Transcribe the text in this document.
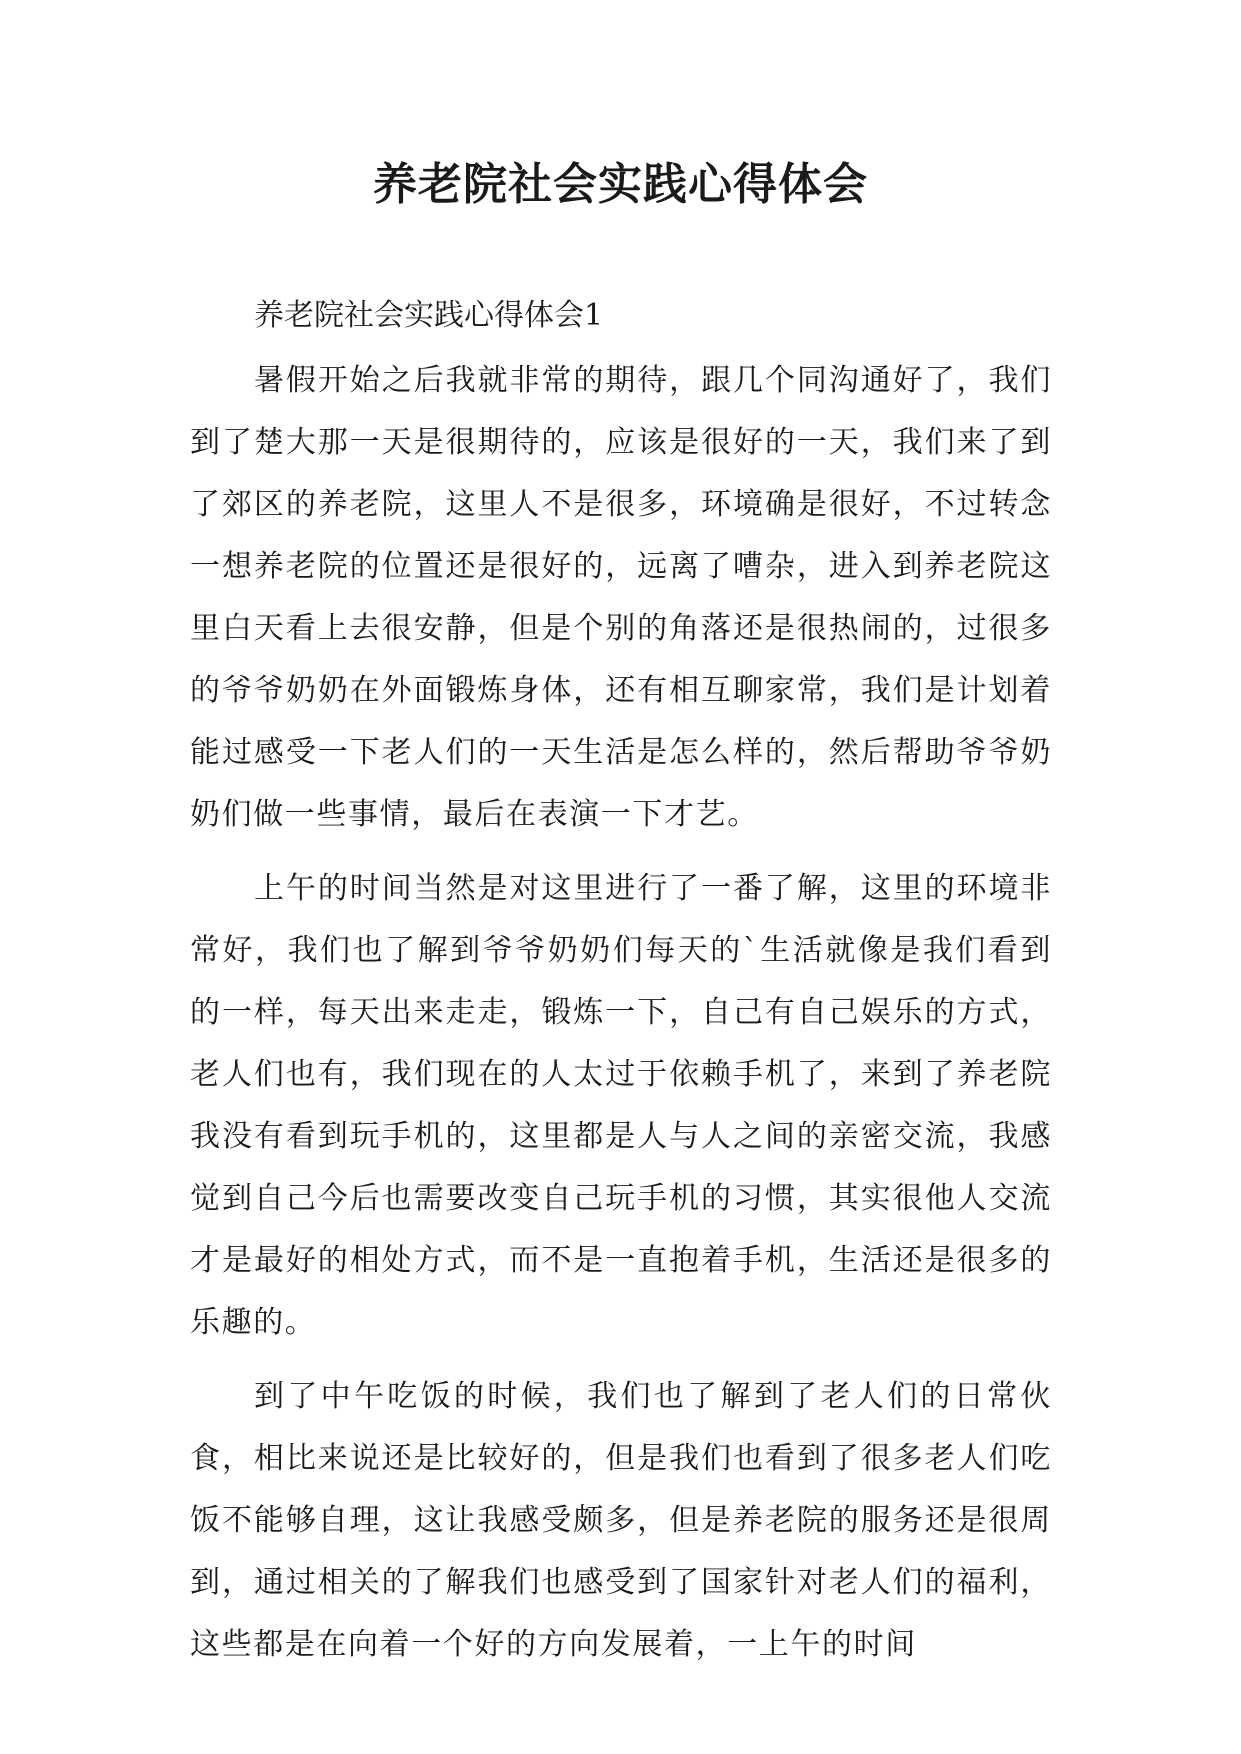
养老院社会实践心得体会

养老院社会实践心得体会1

暑假开始之后我就非常的期待，跟几个同沟通好了，我们到了楚大那一天是很期待的，应该是很好的一天，我们来了到了郊区的养老院，这里人不是很多，环境确是很好，不过转念一想养老院的位置还是很好的，远离了嘈杂，进入到养老院这里白天看上去很安静，但是个别的角落还是很热闹的，过很多的爷爷奶奶在外面锻炼身体，还有相互聊家常，我们是计划着能过感受一下老人们的一天生活是怎么样的，然后帮助爷爷奶奶们做一些事情，最后在表演一下才艺。

上午的时间当然是对这里进行了一番了解，这里的环境非常好，我们也了解到爷爷奶奶们每天的`生活就像是我们看到的一样，每天出来走走，锻炼一下，自己有自己娱乐的方式，老人们也有，我们现在的人太过于依赖手机了，来到了养老院我没有看到玩手机的，这里都是人与人之间的亲密交流，我感觉到自己今后也需要改变自己玩手机的习惯，其实很他人交流才是最好的相处方式，而不是一直抱着手机，生活还是很多的乐趣的。

到了中午吃饭的时候，我们也了解到了老人们的日常伙食，相比来说还是比较好的，但是我们也看到了很多老人们吃饭不能够自理，这让我感受颇多，但是养老院的服务还是很周到，通过相关的了解我们也感受到了国家针对老人们的福利，这些都是在向着一个好的方向发展着，一上午的时间
